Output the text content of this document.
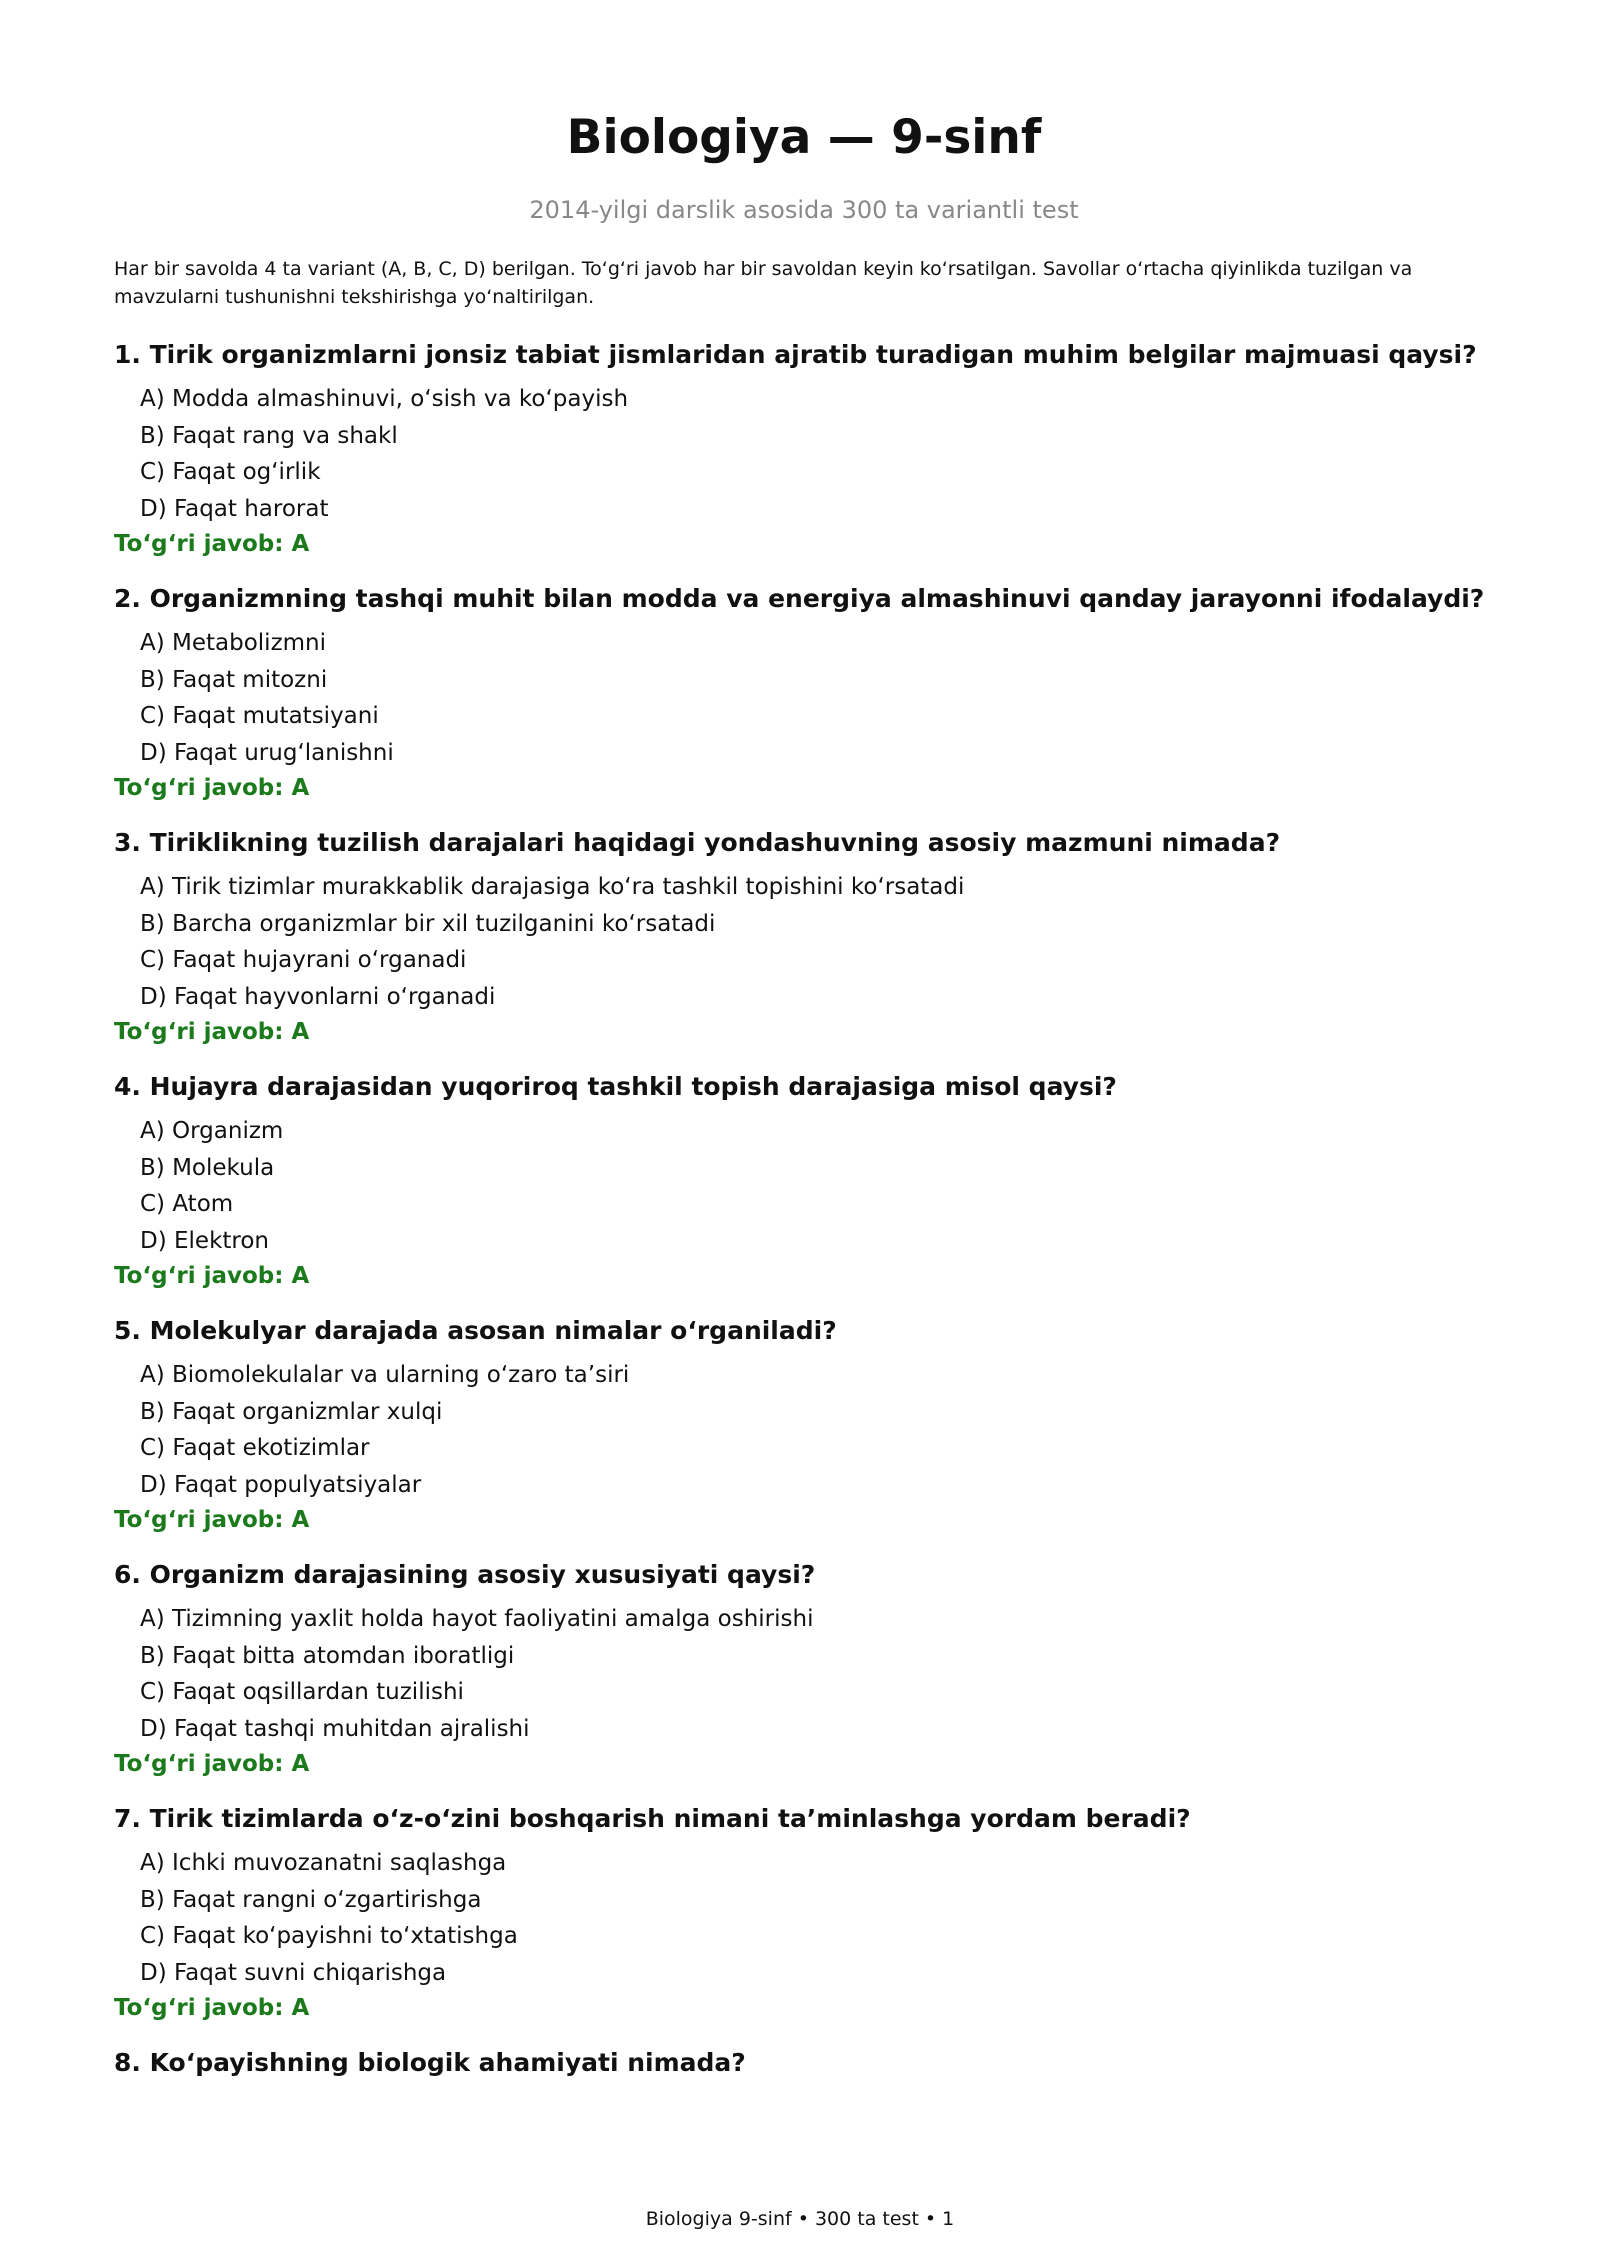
Biologiya — 9-sinf
2014-yilgi darslik asosida 300 ta variantli test
Har bir savolda 4 ta variant (A, B, C, D) berilgan. To‘g‘ri javob har bir savoldan keyin ko‘rsatilgan. Savollar o‘rtacha qiyinlikda tuzilgan va mavzularni tushunishni tekshirishga yo‘naltirilgan.
1. Tirik organizmlarni jonsiz tabiat jismlaridan ajratib turadigan muhim belgilar majmuasi qaysi?
A) Modda almashinuvi, o‘sish va ko‘payish
B) Faqat rang va shakl
C) Faqat og‘irlik
D) Faqat harorat
To‘g‘ri javob: A
2. Organizmning tashqi muhit bilan modda va energiya almashinuvi qanday jarayonni ifodalaydi?
A) Metabolizmni
B) Faqat mitozni
C) Faqat mutatsiyani
D) Faqat urug‘lanishni
To‘g‘ri javob: A
3. Tiriklikning tuzilish darajalari haqidagi yondashuvning asosiy mazmuni nimada?
A) Tirik tizimlar murakkablik darajasiga ko‘ra tashkil topishini ko‘rsatadi
B) Barcha organizmlar bir xil tuzilganini ko‘rsatadi
C) Faqat hujayrani o‘rganadi
D) Faqat hayvonlarni o‘rganadi
To‘g‘ri javob: A
4. Hujayra darajasidan yuqoriroq tashkil topish darajasiga misol qaysi?
A) Organizm
B) Molekula
C) Atom
D) Elektron
To‘g‘ri javob: A
5. Molekulyar darajada asosan nimalar o‘rganiladi?
A) Biomolekulalar va ularning o‘zaro ta’siri
B) Faqat organizmlar xulqi
C) Faqat ekotizimlar
D) Faqat populyatsiyalar
To‘g‘ri javob: A
6. Organizm darajasining asosiy xususiyati qaysi?
A) Tizimning yaxlit holda hayot faoliyatini amalga oshirishi
B) Faqat bitta atomdan iboratligi
C) Faqat oqsillardan tuzilishi
D) Faqat tashqi muhitdan ajralishi
To‘g‘ri javob: A
7. Tirik tizimlarda o‘z-o‘zini boshqarish nimani ta’minlashga yordam beradi?
A) Ichki muvozanatni saqlashga
B) Faqat rangni o‘zgartirishga
C) Faqat ko‘payishni to‘xtatishga
D) Faqat suvni chiqarishga
To‘g‘ri javob: A
8. Ko‘payishning biologik ahamiyati nimada?
Biologiya 9-sinf • 300 ta test • 1
